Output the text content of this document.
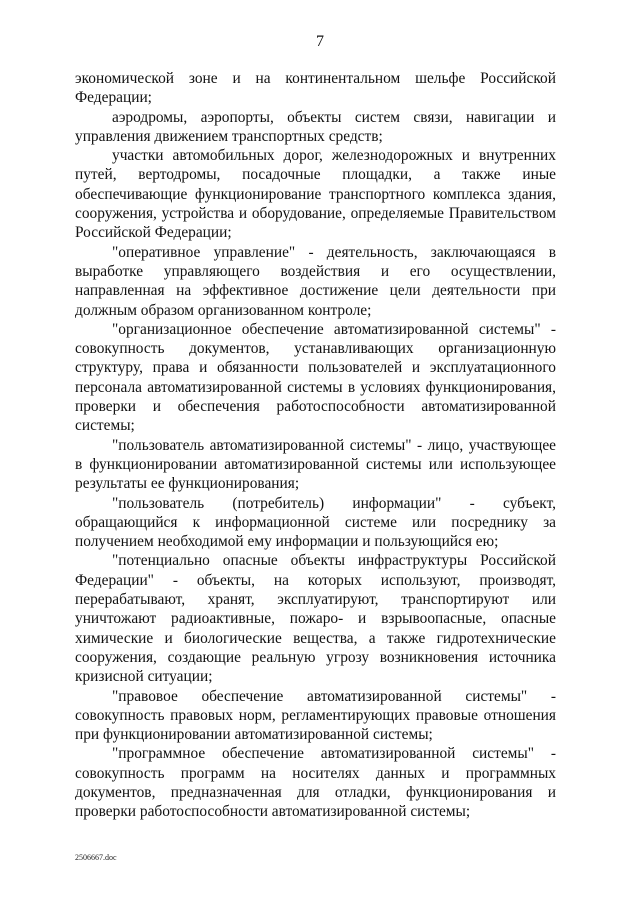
7

экономической зоне и на континентальном шельфе Российской Федерации;

аэродромы, аэропорты, объекты систем связи, навигации и управления движением транспортных средств;

участки автомобильных дорог, железнодорожных и внутренних путей, вертодромы, посадочные площадки, а также иные обеспечивающие функционирование транспортного комплекса здания, сооружения, устройства и оборудование, определяемые Правительством Российской Федерации;

"оперативное управление" - деятельность, заключающаяся в выработке управляющего воздействия и его осуществлении, направленная на эффективное достижение цели деятельности при должным образом организованном контроле;

"организационное обеспечение автоматизированной системы" - совокупность документов, устанавливающих организационную структуру, права и обязанности пользователей и эксплуатационного персонала автоматизированной системы в условиях функционирования, проверки и обеспечения работоспособности автоматизированной системы;

"пользователь автоматизированной системы" - лицо, участвующее в функционировании автоматизированной системы или использующее результаты ее функционирования;

"пользователь (потребитель) информации" - субъект, обращающийся к информационной системе или посреднику за получением необходимой ему информации и пользующийся ею;

"потенциально опасные объекты инфраструктуры Российской Федерации" - объекты, на которых используют, производят, перерабатывают, хранят, эксплуатируют, транспортируют или уничтожают радиоактивные, пожаро- и взрывоопасные, опасные химические и биологические вещества, а также гидротехнические сооружения, создающие реальную угрозу возникновения источника кризисной ситуации;

"правовое обеспечение автоматизированной системы" - совокупность правовых норм, регламентирующих правовые отношения при функционировании автоматизированной системы;

"программное обеспечение автоматизированной системы" - совокупность программ на носителях данных и программных документов, предназначенная для отладки, функционирования и проверки работоспособности автоматизированной системы;

2506667.doc
